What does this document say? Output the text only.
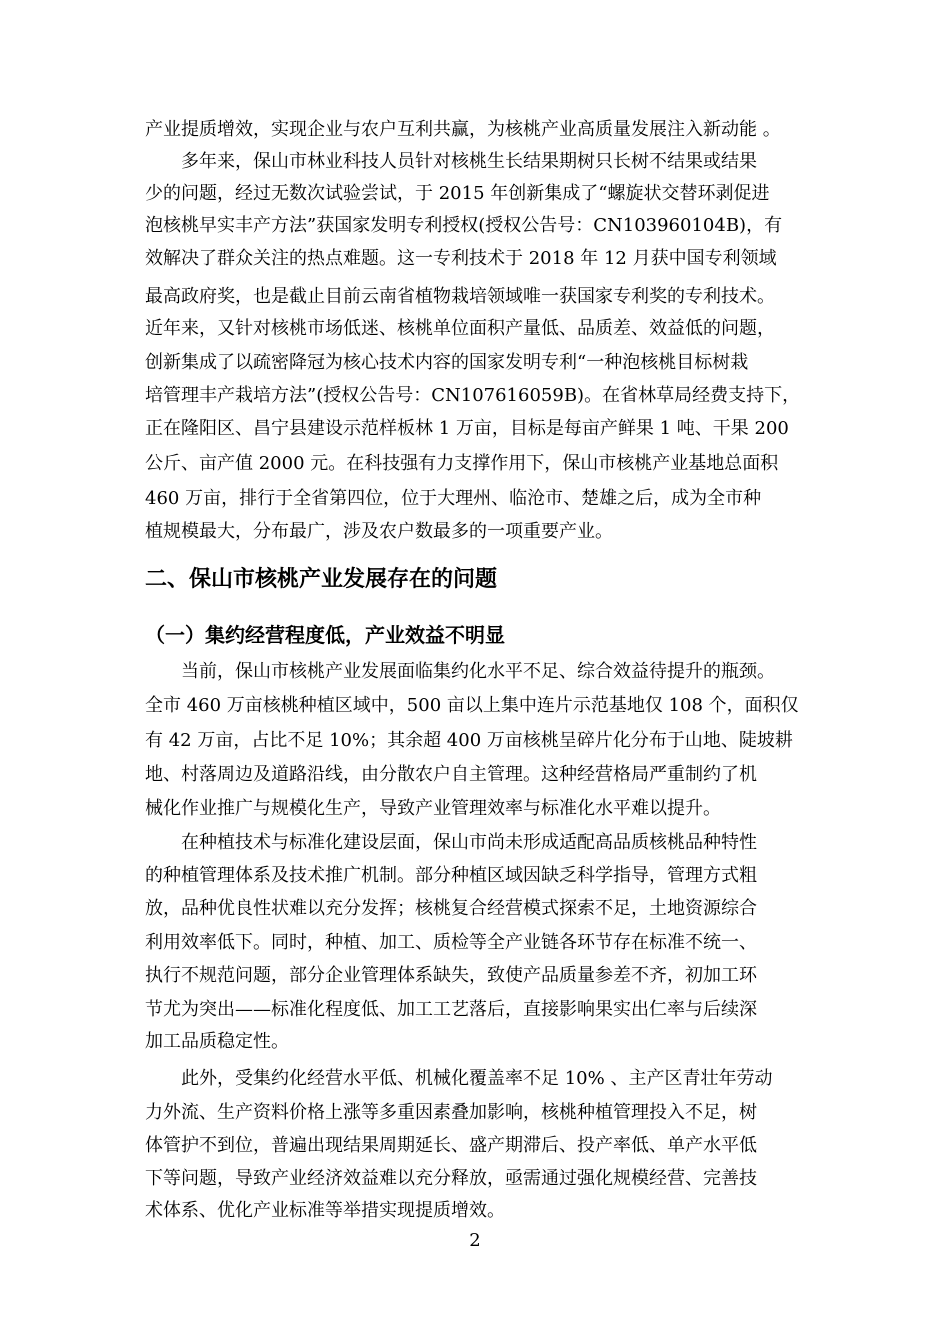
产业提质增效，实现企业与农户互利共赢，为核桃产业高质量发展注入新动能 。
多年来，保山市林业科技人员针对核桃生长结果期树只长树不结果或结果
少的问题，经过无数次试验尝试，于 2015 年创新集成了“螺旋状交替环剥促进
泡核桃早实丰产方法”获国家发明专利授权(授权公告号：CN103960104B)，有
效解决了群众关注的热点难题。这一专利技术于 2018 年 12 月获中国专利领域
最高政府奖，也是截止目前云南省植物栽培领域唯一获国家专利奖的专利技术。
近年来，又针对核桃市场低迷、核桃单位面积产量低、品质差、效益低的问题，
创新集成了以疏密降冠为核心技术内容的国家发明专利“一种泡核桃目标树栽
培管理丰产栽培方法”(授权公告号：CN107616059B)。在省林草局经费支持下，
正在隆阳区、昌宁县建设示范样板林 1 万亩，目标是每亩产鲜果 1 吨、干果 200
公斤、亩产值 2000 元。在科技强有力支撑作用下，保山市核桃产业基地总面积
460 万亩，排行于全省第四位，位于大理州、临沧市、楚雄之后，成为全市种
植规模最大，分布最广，涉及农户数最多的一项重要产业。
二、保山市核桃产业发展存在的问题
（一）集约经营程度低，产业效益不明显
当前，保山市核桃产业发展面临集约化水平不足、综合效益待提升的瓶颈。
全市 460 万亩核桃种植区域中，500 亩以上集中连片示范基地仅 108 个，面积仅
有 42 万亩，占比不足 10%；其余超 400 万亩核桃呈碎片化分布于山地、陡坡耕
地、村落周边及道路沿线，由分散农户自主管理。这种经营格局严重制约了机
械化作业推广与规模化生产，导致产业管理效率与标准化水平难以提升。
在种植技术与标准化建设层面，保山市尚未形成适配高品质核桃品种特性
的种植管理体系及技术推广机制。部分种植区域因缺乏科学指导，管理方式粗
放，品种优良性状难以充分发挥；核桃复合经营模式探索不足，土地资源综合
利用效率低下。同时，种植、加工、质检等全产业链各环节存在标准不统一、
执行不规范问题，部分企业管理体系缺失，致使产品质量参差不齐，初加工环
节尤为突出——标准化程度低、加工工艺落后，直接影响果实出仁率与后续深
加工品质稳定性。
此外，受集约化经营水平低、机械化覆盖率不足 10% 、主产区青壮年劳动
力外流、生产资料价格上涨等多重因素叠加影响，核桃种植管理投入不足，树
体管护不到位，普遍出现结果周期延长、盛产期滞后、投产率低、单产水平低
下等问题，导致产业经济效益难以充分释放，亟需通过强化规模经营、完善技
术体系、优化产业标准等举措实现提质增效。
2
